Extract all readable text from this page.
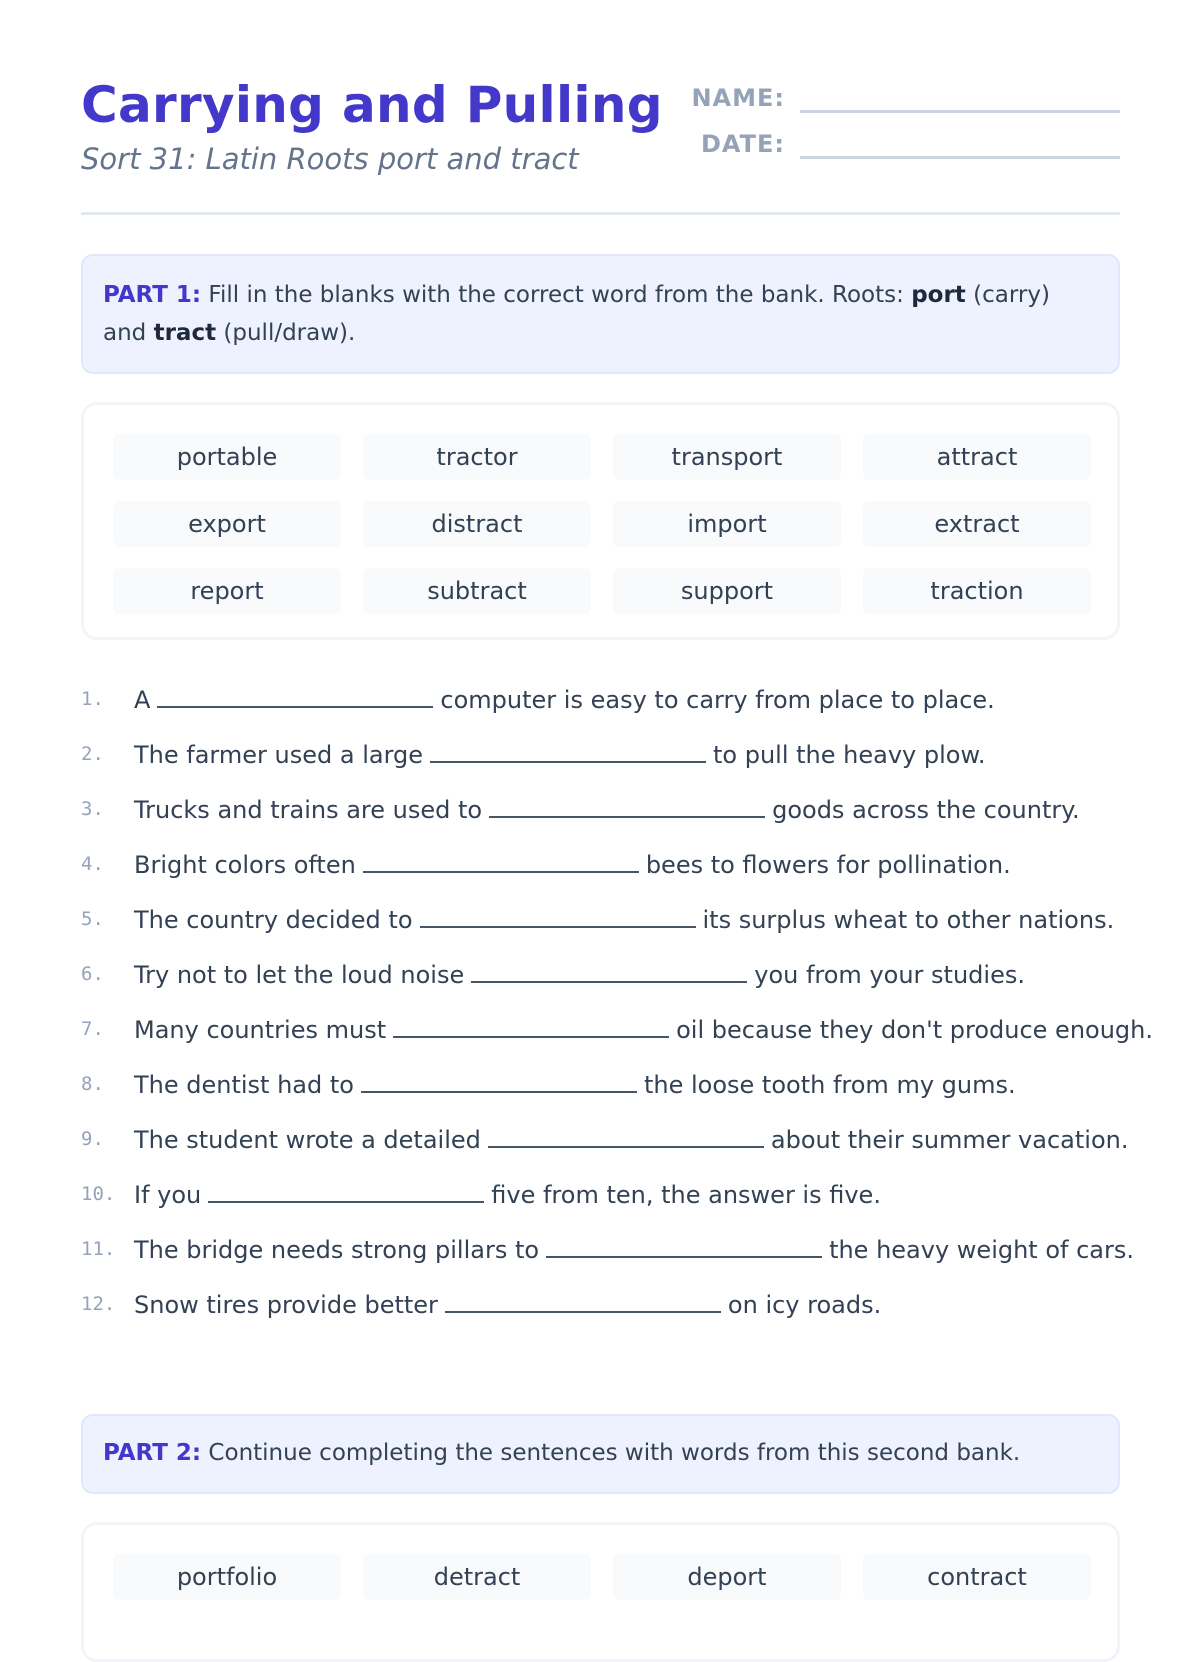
Carrying and Pulling
Sort 31: Latin Roots port and tract
NAME:
DATE:
PART 1: Fill in the blanks with the correct word from the bank. Roots: port (carry) and tract (pull/draw).
portable	tractor	transport	attract
export	distract	import	extract
report	subtract	support	traction
1. A	computer is easy to carry from place to place.
2. The farmer used a large	to pull the heavy plow.
3. Trucks and trains are used to	goods across the country.
4. Bright colors often	bees to flowers for pollination.
5. The country decided to	its surplus wheat to other nations.
6. Try not to let the loud noise	you from your studies.
7. Many countries must	oil because they don't produce enough.
8. The dentist had to	the loose tooth from my gums.
9. The student wrote a detailed	about their summer vacation.
10. If you	five from ten, the answer is five.
11. The bridge needs strong pillars to	the heavy weight of cars.
12. Snow tires provide better	on icy roads.
PART 2: Continue completing the sentences with words from this second bank.
portfolio	detract	deport	contract
